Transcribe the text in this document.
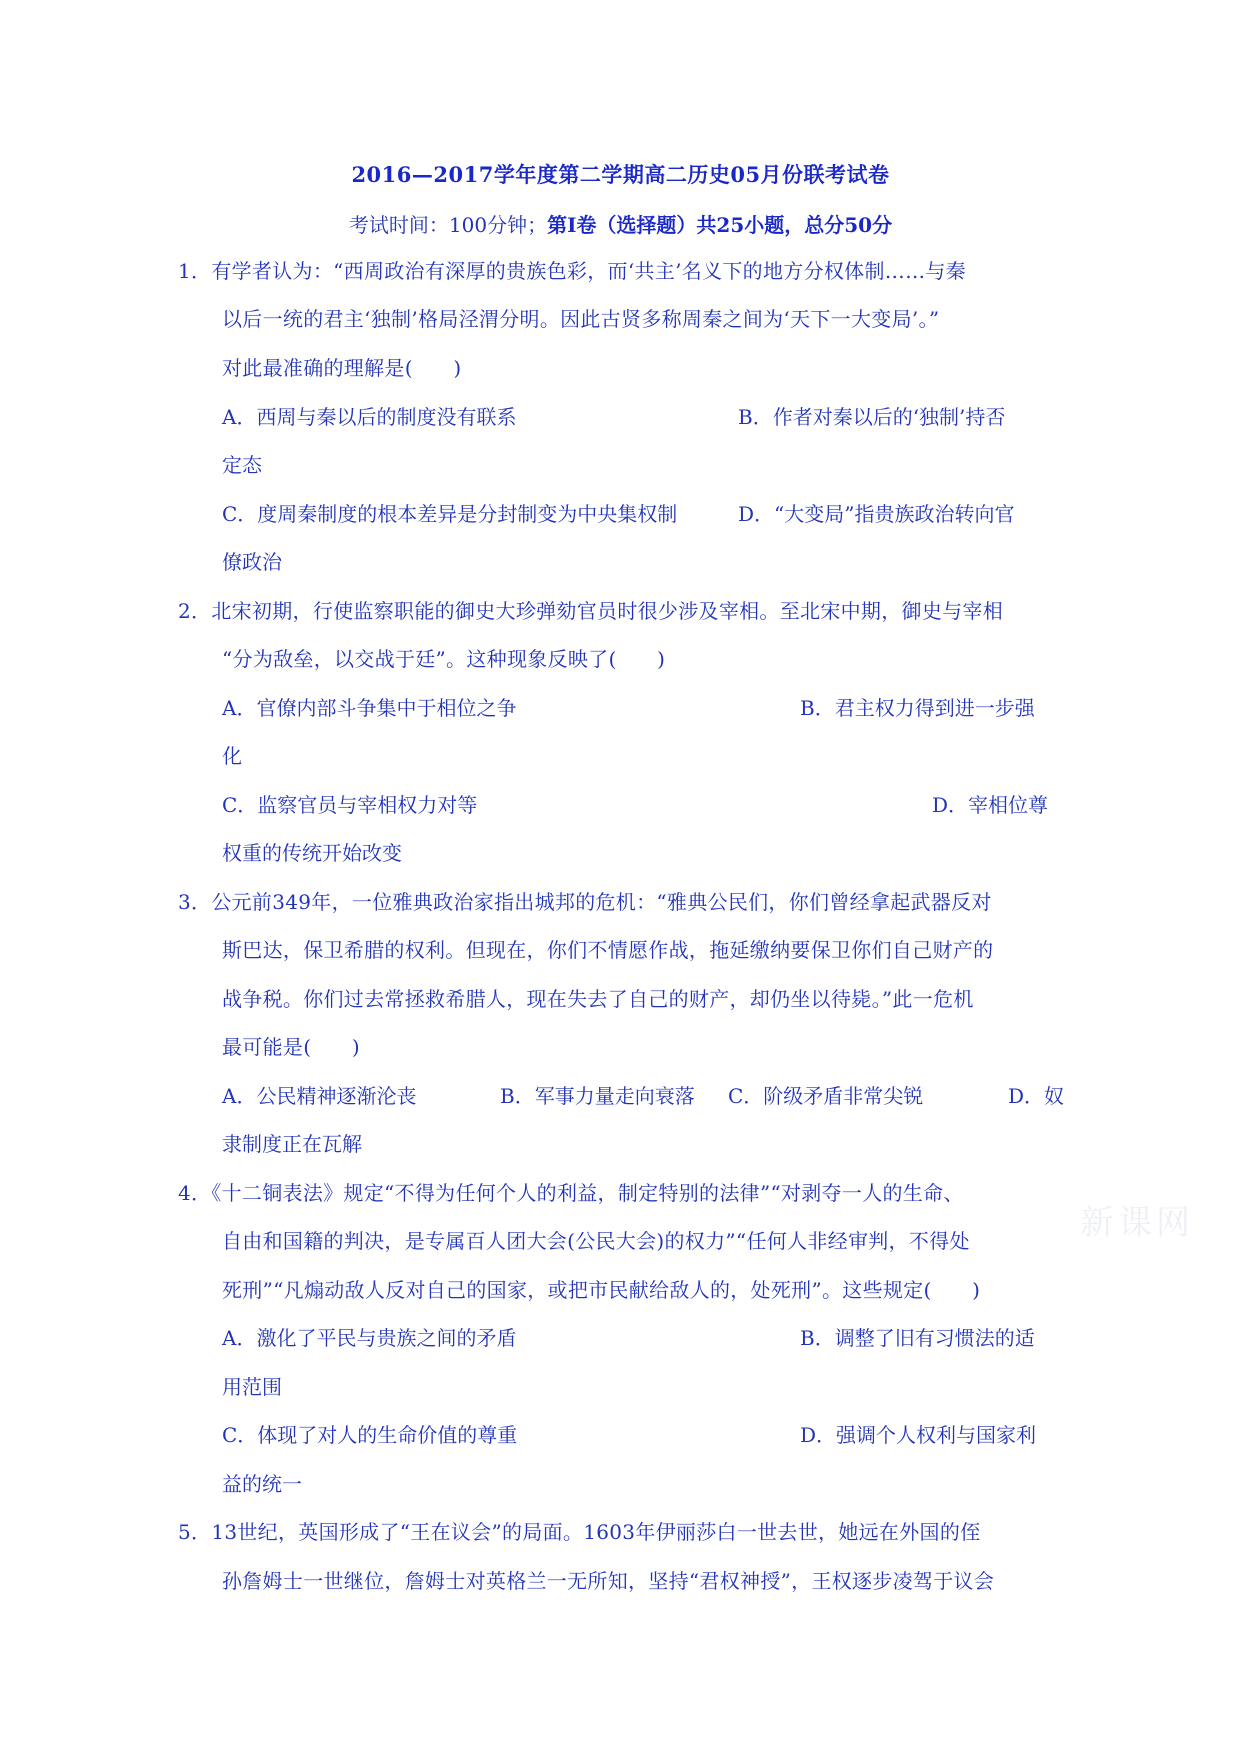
2016—2017学年度第二学期高二历史05月份联考试卷
考试时间：100分钟；第Ⅰ卷（选择题）共25小题，总分50分
新课网
1．有学者认为：“西周政治有深厚的贵族色彩，而‘共主’名义下的地方分权体制……与秦
以后一统的君主‘独制’格局泾渭分明。因此古贤多称周秦之间为‘天下一大变局’。”
对此最准确的理解是(　　)
A．西周与秦以后的制度没有联系	B．作者对秦以后的‘独制’持否
定态
C．度周秦制度的根本差异是分封制变为中央集权制	D．“大变局”指贵族政治转向官
僚政治
2．北宋初期，行使监察职能的御史大珍弹劾官员时很少涉及宰相。至北宋中期，御史与宰相
“分为敌垒，以交战于廷”。这种现象反映了(　　)
A．官僚内部斗争集中于相位之争	B．君主权力得到进一步强
化
C．监察官员与宰相权力对等	D．宰相位尊
权重的传统开始改变
3．公元前349年，一位雅典政治家指出城邦的危机：“雅典公民们，你们曾经拿起武器反对
斯巴达，保卫希腊的权利。但现在，你们不情愿作战，拖延缴纳要保卫你们自己财产的
战争税。你们过去常拯救希腊人，现在失去了自己的财产，却仍坐以待毙。”此一危机
最可能是(　　)
A．公民精神逐渐沦丧	B．军事力量走向衰落 C．阶级矛盾非常尖锐	D．奴
隶制度正在瓦解
4．《十二铜表法》规定“不得为任何个人的利益，制定特别的法律”“对剥夺一人的生命、
自由和国籍的判决，是专属百人团大会(公民大会)的权力”“任何人非经审判，不得处
死刑”“凡煽动敌人反对自己的国家，或把市民献给敌人的，处死刑”。这些规定(　　)
A．激化了平民与贵族之间的矛盾	B．调整了旧有习惯法的适
用范围
C．体现了对人的生命价值的尊重	D．强调个人权利与国家利
益的统一
5．13世纪，英国形成了“王在议会”的局面。1603年伊丽莎白一世去世，她远在外国的侄
孙詹姆士一世继位，詹姆士对英格兰一无所知，坚持“君权神授”，王权逐步凌驾于议会
